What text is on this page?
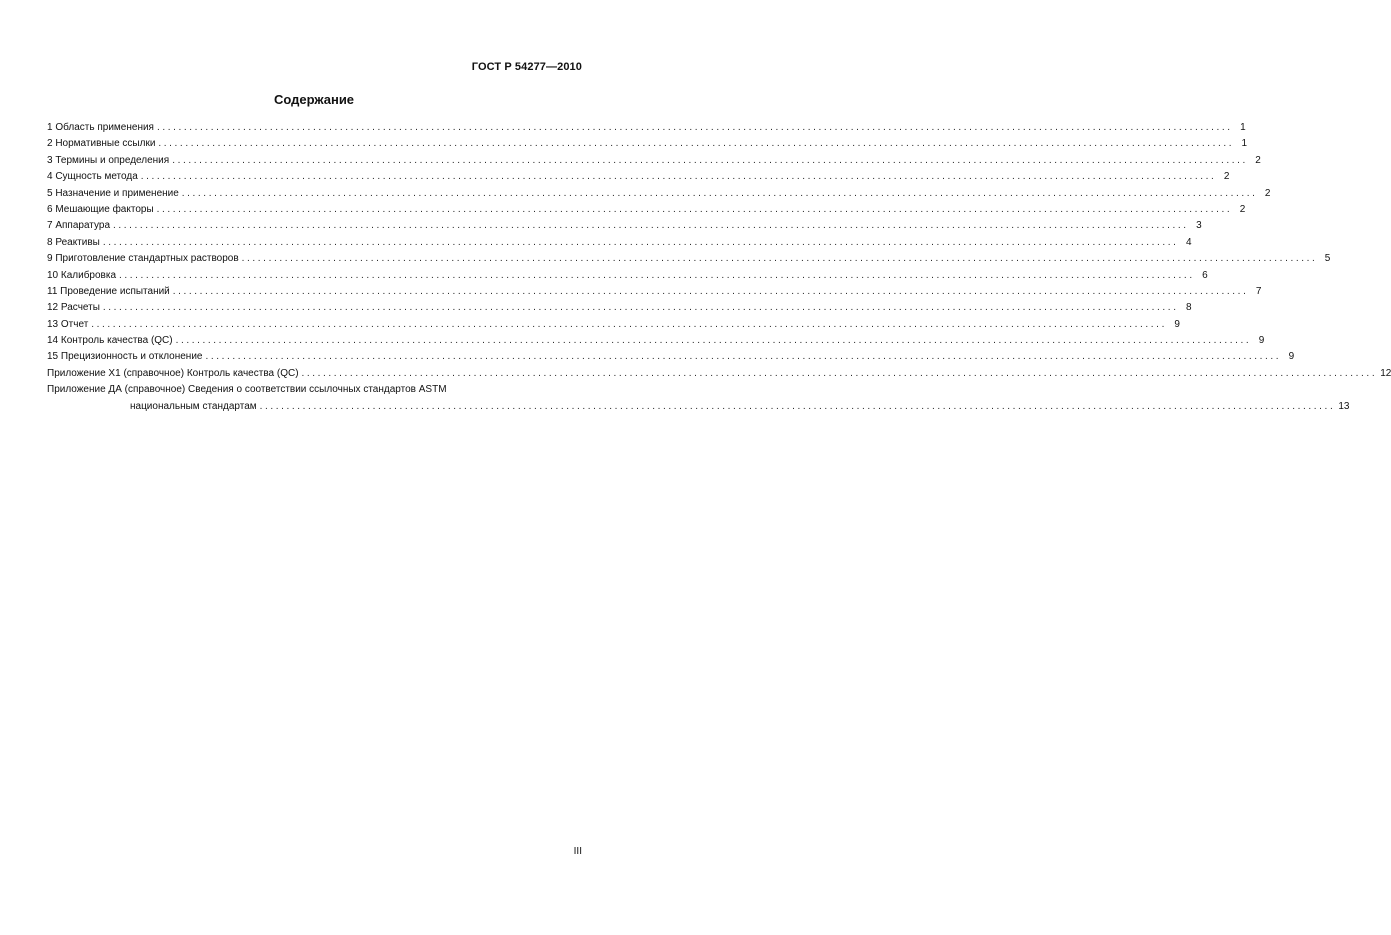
ГОСТ Р 54277—2010
Содержание
1 Область применения ........................................................................................................................................................................................................ 1
2 Нормативные ссылки ........................................................................................................................................................................................................ 1
3 Термины и определения ........................................................................................................................................................................................................ 2
4 Сущность метода ........................................................................................................................................................................................................ 2
5 Назначение и применение ........................................................................................................................................................................................................ 2
6 Мешающие факторы ........................................................................................................................................................................................................ 2
7 Аппаратура ........................................................................................................................................................................................................ 3
8 Реактивы ........................................................................................................................................................................................................ 4
9 Приготовление стандартных растворов ........................................................................................................................................................................................................ 5
10 Калибровка ........................................................................................................................................................................................................ 6
11 Проведение испытаний ........................................................................................................................................................................................................ 7
12 Расчеты ........................................................................................................................................................................................................ 8
13 Отчет ........................................................................................................................................................................................................ 9
14 Контроль качества (QC) ........................................................................................................................................................................................................ 9
15 Прецизионность и отклонение ........................................................................................................................................................................................................ 9
Приложение X1 (справочное) Контроль качества (QC) ........................................................................................................................................................................................................ 12
Приложение ДА (справочное) Сведения о соответствии ссылочных стандартов ASTM
национальным стандартам ........................................................................................................................................................................................................ 13
III
